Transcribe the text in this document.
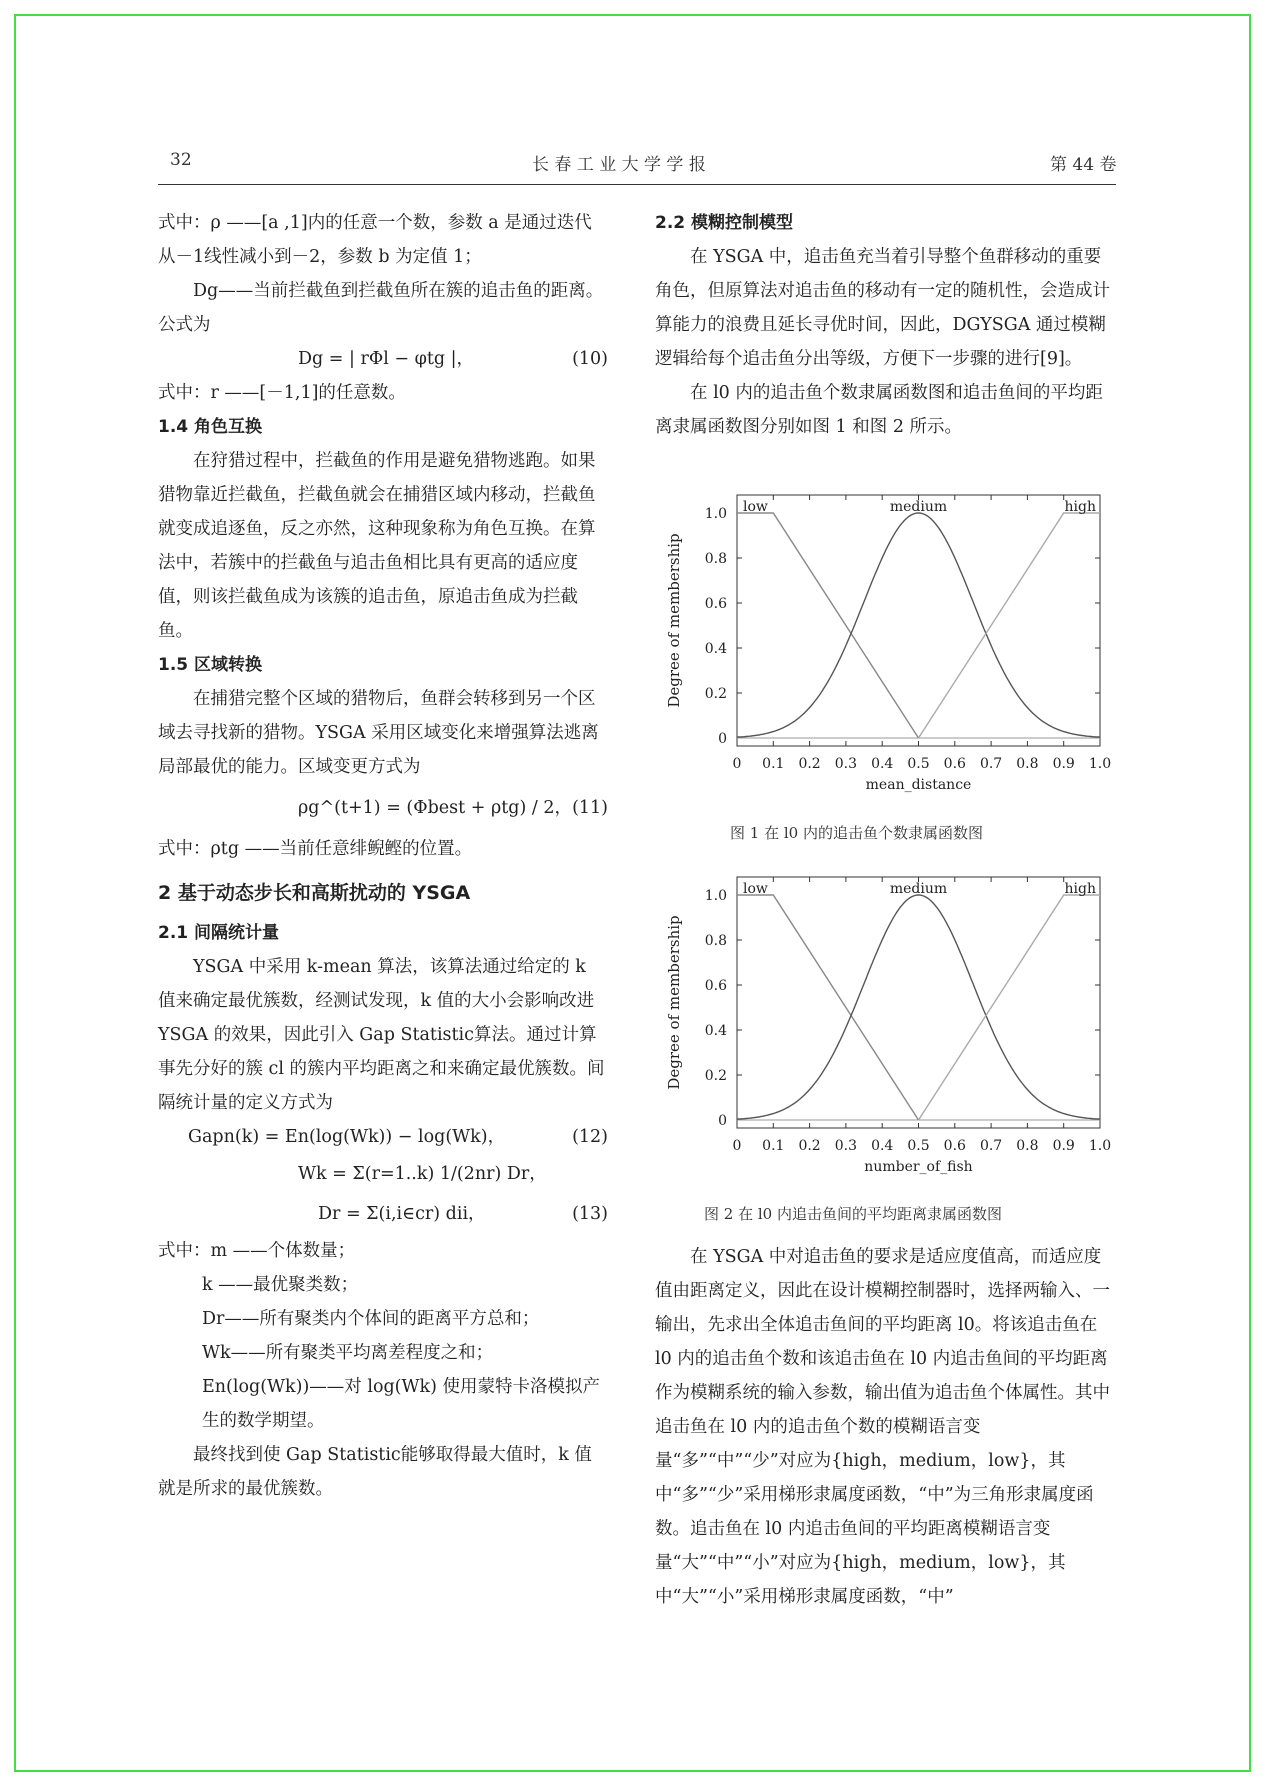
32	长 春 工 业 大 学 学 报	第 44 卷

式中：ρ ——[a ,1]内的任意一个数，参数 a 是通过迭代从－1线性减小到－2，参数 b 为定值 1；

Dg——当前拦截鱼到拦截鱼所在簇的追击鱼的距离。公式为

Dg = | rΦl − φtg |，	(10)

式中：r ——[－1,1]的任意数。

1.4 角色互换

在狩猎过程中，拦截鱼的作用是避免猎物逃跑。如果猎物靠近拦截鱼，拦截鱼就会在捕猎区域内移动，拦截鱼就变成追逐鱼，反之亦然，这种现象称为角色互换。在算法中，若簇中的拦截鱼与追击鱼相比具有更高的适应度值，则该拦截鱼成为该簇的追击鱼，原追击鱼成为拦截鱼。

1.5 区域转换

在捕猎完整个区域的猎物后，鱼群会转移到另一个区域去寻找新的猎物。YSGA 采用区域变化来增强算法逃离局部最优的能力。区域变更方式为

ρg^(t+1) = (Φbest + ρtg) / 2， (11)

式中：ρtg ——当前任意绯鲵鲣的位置。

2 基于动态步长和高斯扰动的 YSGA

2.1 间隔统计量

YSGA 中采用 k-mean 算法，该算法通过给定的 k 值来确定最优簇数，经测试发现，k 值的大小会影响改进 YSGA 的效果，因此引入 Gap Statistic算法。通过计算事先分好的簇 cl 的簇内平均距离之和来确定最优簇数。间隔统计量的定义方式为

Gapn(k) = En(log(Wk)) − log(Wk)，	(12)
Wk = Σ(r=1..k) 1/(2nr) Dr，
Dr = Σ(i,i∈cr) dii，	(13)

式中：m ——个体数量；

k ——最优聚类数；

Dr——所有聚类内个体间的距离平方总和；

Wk——所有聚类平均离差程度之和；

En(log(Wk))——对 log(Wk) 使用蒙特卡洛模拟产生的数学期望。

最终找到使 Gap Statistic能够取得最大值时，k 值就是所求的最优簇数。

2.2 模糊控制模型

在 YSGA 中，追击鱼充当着引导整个鱼群移动的重要角色，但原算法对追击鱼的移动有一定的随机性，会造成计算能力的浪费且延长寻优时间，因此，DGYSGA 通过模糊逻辑给每个追击鱼分出等级，方便下一步骤的进行[9]。

在 l0 内的追击鱼个数隶属函数图和追击鱼间的平均距离隶属函数图分别如图 1 和图 2 所示。

0 0.1 0.2 0.3 0.4 0.5 0.6 0.7 0.8 0.9 1.0
0
0.2
0.4
0.6
0.8
1.0
mean_distance
Degree of membership
low	medium	high
图 1 在 l0 内的追击鱼个数隶属函数图
0 0.1 0.2 0.3 0.4 0.5 0.6 0.7 0.8 0.9 1.0
0
0.2
0.4
0.6
0.8
1.0
number_of_fish
Degree of membership
low	medium	high
图 2 在 l0 内追击鱼间的平均距离隶属函数图

在 YSGA 中对追击鱼的要求是适应度值高，而适应度值由距离定义，因此在设计模糊控制器时，选择两输入、一输出，先求出全体追击鱼间的平均距离 l0。将该追击鱼在 l0 内的追击鱼个数和该追击鱼在 l0 内追击鱼间的平均距离作为模糊系统的输入参数，输出值为追击鱼个体属性。其中追击鱼在 l0 内的追击鱼个数的模糊语言变量“多”“中”“少”对应为{high，medium，low}，其中“多”“少”采用梯形隶属度函数，“中”为三角形隶属度函数。追击鱼在 l0 内追击鱼间的平均距离模糊语言变量“大”“中”“小”对应为{high，medium，low}，其中“大”“小”采用梯形隶属度函数，“中”
